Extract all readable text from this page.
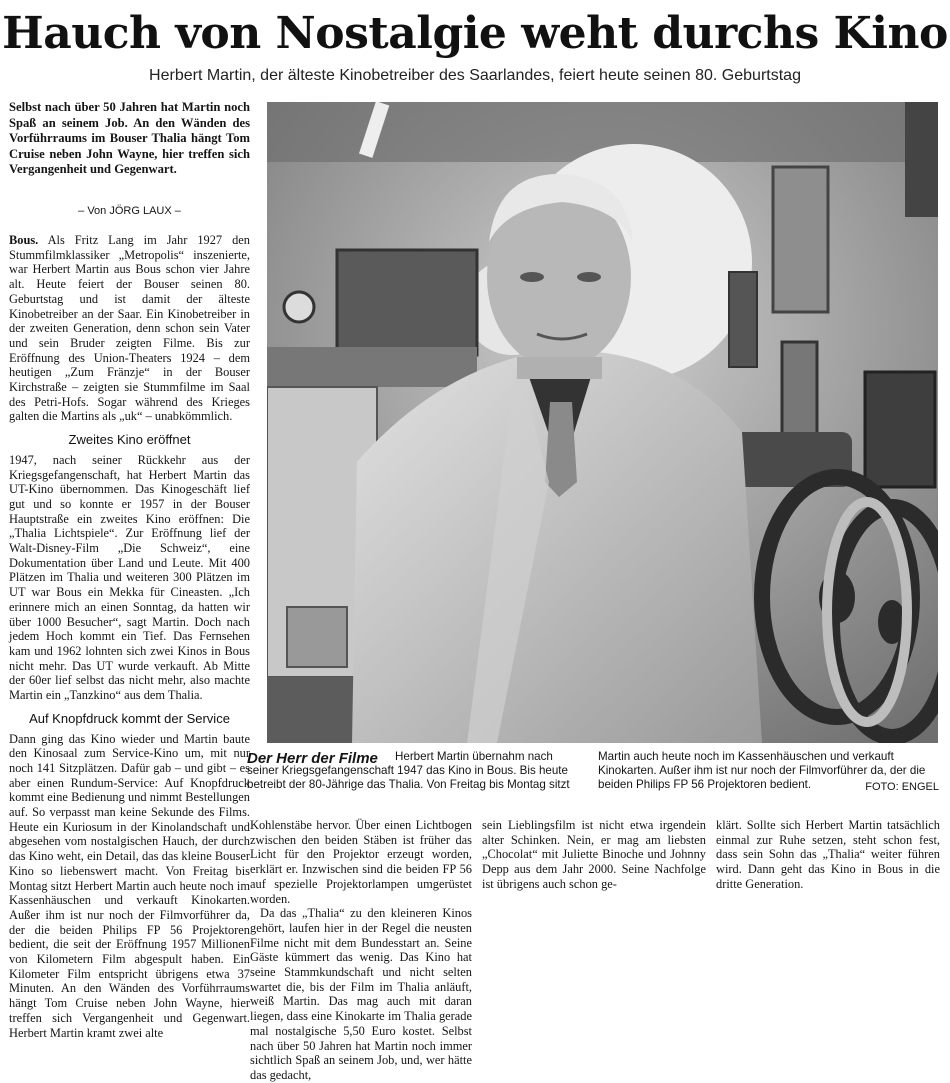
Hauch von Nostalgie weht durchs Kino
Herbert Martin, der älteste Kinobetreiber des Saarlandes, feiert heute seinen 80. Geburtstag
Selbst nach über 50 Jahren hat Martin noch Spaß an seinem Job. An den Wänden des Vorführraums im Bouser Thalia hängt Tom Cruise neben John Wayne, hier treffen sich Vergangenheit und Gegenwart.
– Von JÖRG LAUX –

Bous. Als Fritz Lang im Jahr 1927 den Stummfilmklassiker „Metropolis“ inszenierte, war Herbert Martin aus Bous schon vier Jahre alt. Heute feiert der Bouser seinen 80. Geburtstag und ist damit der älteste Kinobetreiber an der Saar. Ein Kinobetreiber in der zweiten Generation, denn schon sein Vater und sein Bruder zeigten Filme. Bis zur Eröffnung des Union-Theaters 1924 – dem heutigen „Zum Fränzje“ in der Bouser Kirchstraße – zeigten sie Stummfilme im Saal des Petri-Hofs. Sogar während des Krieges galten die Martins als „uk“ – unabkömmlich.

Zweites Kino eröffnet

1947, nach seiner Rückkehr aus der Kriegsgefangenschaft, hat Herbert Martin das UT-Kino übernommen. Das Kinogeschäft lief gut und so konnte er 1957 in der Bouser Hauptstraße ein zweites Kino eröffnen: Die „Thalia Lichtspiele“. Zur Eröffnung lief der Walt-Disney-Film „Die Schweiz“, eine Dokumentation über Land und Leute. Mit 400 Plätzen im Thalia und weiteren 300 Plätzen im UT war Bous ein Mekka für Cineasten. „Ich erinnere mich an einen Sonntag, da hatten wir über 1000 Besucher“, sagt Martin. Doch nach jedem Hoch kommt ein Tief. Das Fernsehen kam und 1962 lohnten sich zwei Kinos in Bous nicht mehr. Das UT wurde verkauft. Ab Mitte der 60er lief selbst das nicht mehr, also machte Martin ein „Tanzkino“ aus dem Thalia.

Auf Knopfdruck kommt der Service

Dann ging das Kino wieder und Martin baute den Kinosaal zum Service-Kino um, mit nur noch 141 Sitzplätzen. Dafür gab – und gibt – es aber einen Rundum-Service: Auf Knopfdruck kommt eine Bedienung und nimmt Bestellungen auf. So verpasst man keine Sekunde des Films. Heute ein Kuriosum in der Kinolandschaft und abgesehen vom nostalgischen Hauch, der durch das Kino weht, ein Detail, das das kleine Bouser Kino so liebenswert macht. Von Freitag bis Montag sitzt Herbert Martin auch heute noch im Kassenhäuschen und verkauft Kinokarten. Außer ihm ist nur noch der Filmvorführer da, der die beiden Philips FP 56 Projektoren bedient, die seit der Eröffnung 1957 Millionen von Kilometern Film abgespult haben. Ein Kilometer Film entspricht übrigens etwa 37 Minuten. An den Wänden des Vorführraums hängt Tom Cruise neben John Wayne, hier treffen sich Vergangenheit und Gegenwart. Herbert Martin kramt zwei alte

Herbert Martin übernahm nach seiner Kriegsgefangenschaft 1947 das Kino in Bous. Bis heute betreibt der 80-Jährige das Thalia. Von Freitag bis Montag sitzt
Der Herr der Filme	Martin auch heute noch im Kassenhäuschen und verkauft Kinokarten. Außer ihm ist nur noch der Filmvorführer da, der die beiden Philips FP 56 Projektoren bedient.	FOTO: ENGEL

Kohlenstäbe hervor. Über einen Lichtbogen zwischen den beiden Stäben ist früher das Licht für den Projektor erzeugt worden, erklärt er. Inzwischen sind die beiden FP 56 auf spezielle Projektorlampen umgerüstet worden.

Da das „Thalia“ zu den kleineren Kinos gehört, laufen hier in der Regel die neusten Filme nicht mit dem Bundesstart an. Seine Gäste kümmert das wenig. Das Kino hat seine Stammkundschaft und nicht selten wartet die, bis der Film im Thalia anläuft, weiß Martin. Das mag auch mit daran liegen, dass eine Kinokarte im Thalia gerade mal nostalgische 5,50 Euro kostet. Selbst nach über 50 Jahren hat Martin noch immer sichtlich Spaß an seinem Job, und, wer hätte das gedacht,

sein Lieblingsfilm ist nicht etwa irgendein alter Schinken. Nein, er mag am liebsten „Chocolat“ mit Juliette Binoche und Johnny Depp aus dem Jahr 2000. Seine Nachfolge ist übrigens auch schon ge-
klärt. Sollte sich Herbert Martin tatsächlich einmal zur Ruhe setzen, steht schon fest, dass sein Sohn das „Thalia“ weiter führen wird. Dann geht das Kino in Bous in die dritte Generation.
